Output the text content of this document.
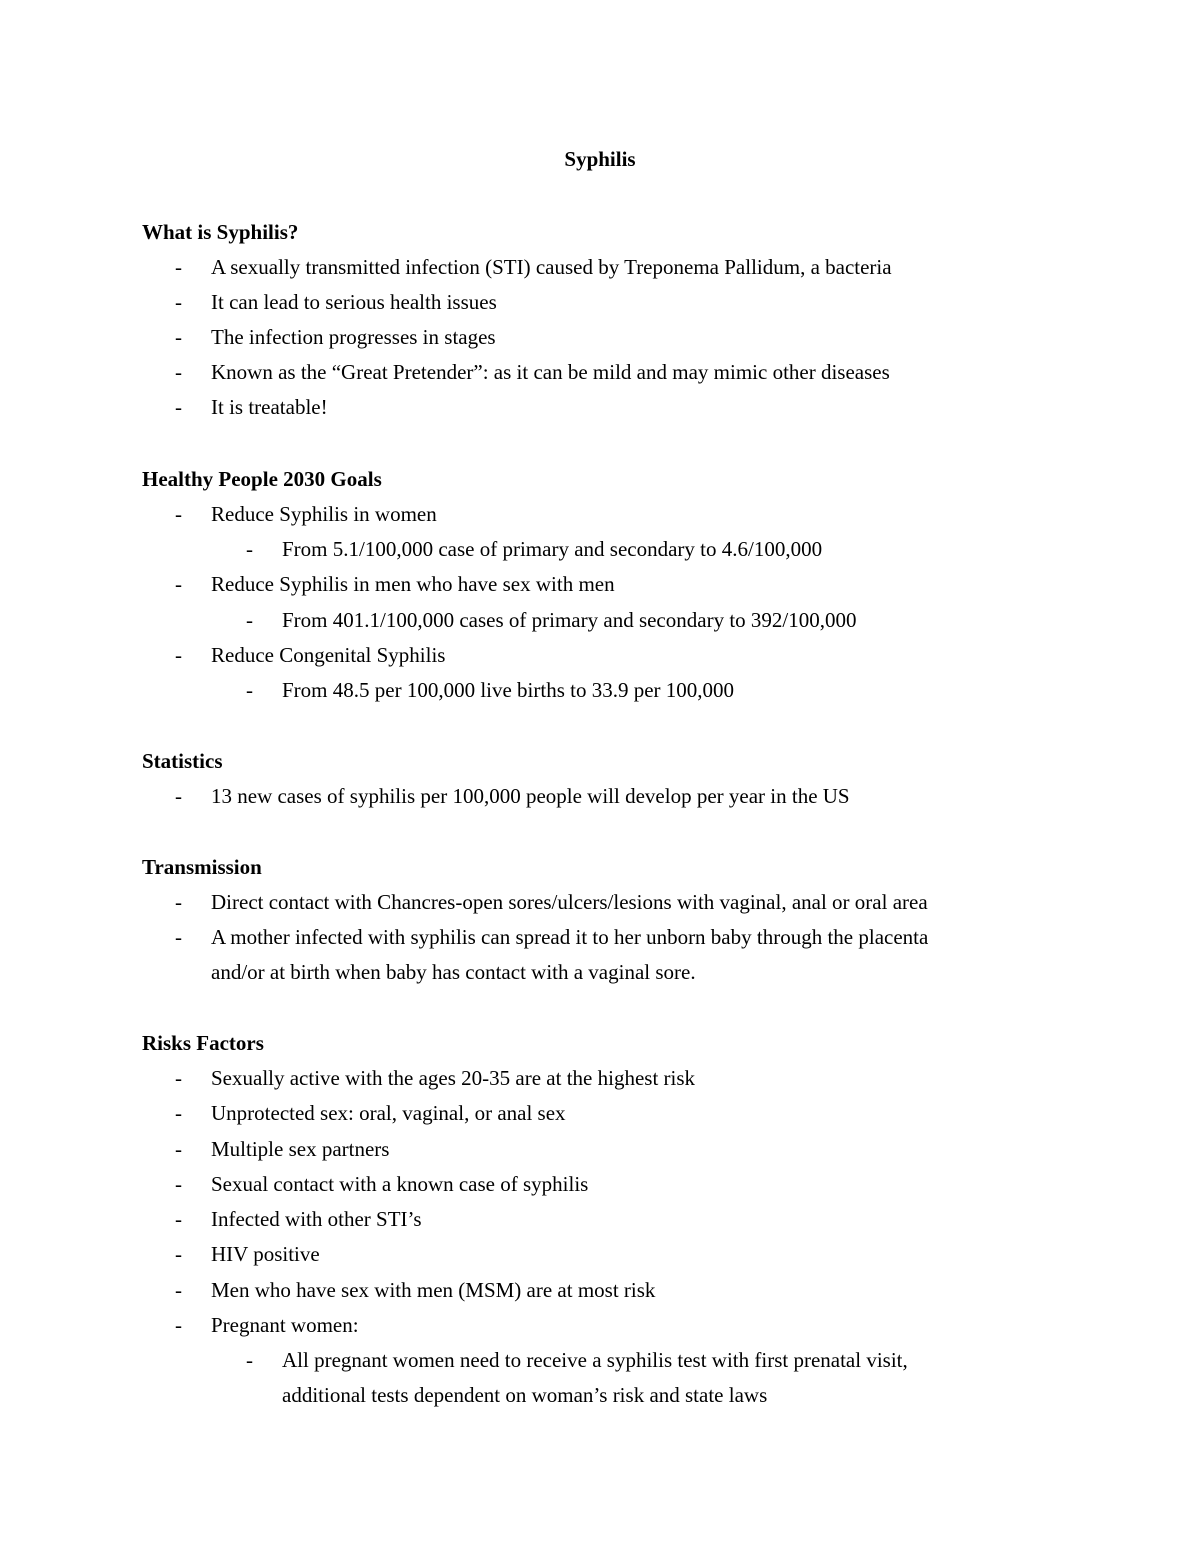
Syphilis
What is Syphilis?
- A sexually transmitted infection (STI) caused by Treponema Pallidum, a bacteria
- It can lead to serious health issues
- The infection progresses in stages
- Known as the “Great Pretender”: as it can be mild and may mimic other diseases
- It is treatable!
Healthy People 2030 Goals
- Reduce Syphilis in women
- From 5.1/100,000 case of primary and secondary to 4.6/100,000
- Reduce Syphilis in men who have sex with men
- From 401.1/100,000 cases of primary and secondary to 392/100,000
- Reduce Congenital Syphilis
- From 48.5 per 100,000 live births to 33.9 per 100,000
Statistics
- 13 new cases of syphilis per 100,000 people will develop per year in the US
Transmission
- Direct contact with Chancres-open sores/ulcers/lesions with vaginal, anal or oral area
- A mother infected with syphilis can spread it to her unborn baby through the placenta
and/or at birth when baby has contact with a vaginal sore.
Risks Factors
- Sexually active with the ages 20-35 are at the highest risk
- Unprotected sex: oral, vaginal, or anal sex
- Multiple sex partners
- Sexual contact with a known case of syphilis
- Infected with other STI’s
- HIV positive
- Men who have sex with men (MSM) are at most risk
- Pregnant women:
- All pregnant women need to receive a syphilis test with first prenatal visit,
additional tests dependent on woman’s risk and state laws
